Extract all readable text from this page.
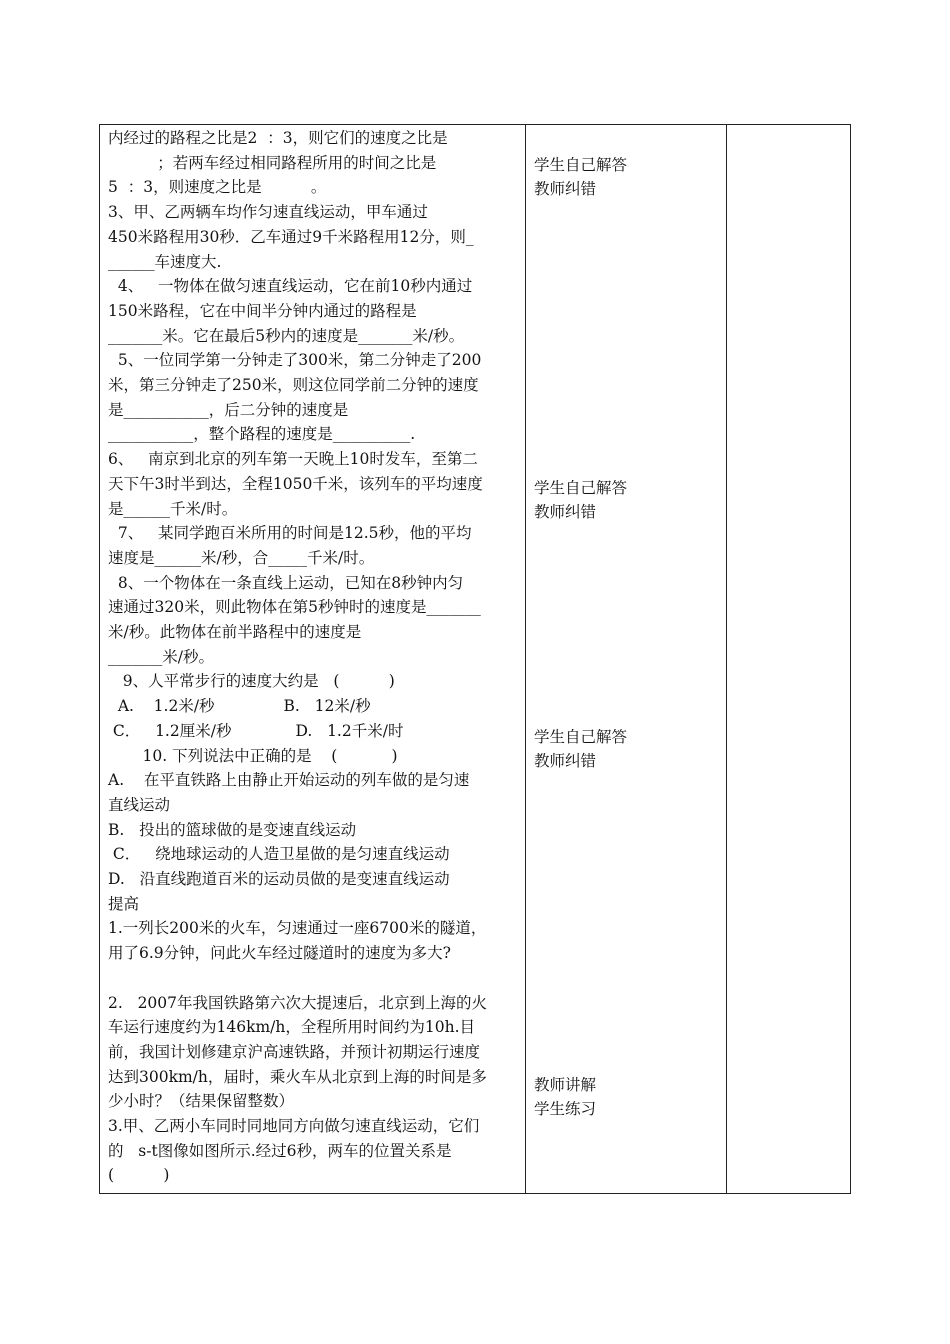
内经过的路程之比是2  ：3，则它们的速度之比是
；若两车经过相同路程所用的时间之比是
5  ：3，则速度之比是          。
3、甲、乙两辆车均作匀速直线运动，甲车通过
450米路程用30秒．乙车通过9千米路程用12分，则_
______车速度大.
4、   一物体在做匀速直线运动，它在前10秒内通过
150米路程，它在中间半分钟内通过的路程是
_______米。它在最后5秒内的速度是_______米/秒。
5、一位同学第一分钟走了300米，第二分钟走了200
米，第三分钟走了250米，则这位同学前二分钟的速度
是___________，后二分钟的速度是
___________，整个路程的速度是__________.
6、   南京到北京的列车第一天晚上10时发车，至第二
天下午3时半到达，全程1050千米，该列车的平均速度
是______千米/时。
7、   某同学跑百米所用的时间是12.5秒，他的平均
速度是______米/秒，合_____千米/时。
8、一个物体在一条直线上运动，已知在8秒钟内匀
速通过320米，则此物体在第5秒钟时的速度是_______
米/秒。此物体在前半路程中的速度是
_______米/秒。
9、人平常步行的速度大约是   (          )
A.    1.2米/秒              B.   12米/秒
C．   1.2厘米/秒             D.   1.2千米/时
10. 下列说法中正确的是    (           )
A.    在平直铁路上由静止开始运动的列车做的是匀速
直线运动
B.   投出的篮球做的是变速直线运动
C．   绕地球运动的人造卫星做的是匀速直线运动
D.   沿直线跑道百米的运动员做的是变速直线运动
提高
1.一列长200米的火车，匀速通过一座6700米的隧道，
用了6.9分钟，问此火车经过隧道时的速度为多大?
2.   2007年我国铁路第六次大提速后，北京到上海的火
车运行速度约为146km/h，全程所用时间约为10h.目
前，我国计划修建京沪高速铁路，并预计初期运行速度
达到300km/h，届时，乘火车从北京到上海的时间是多
少小时？（结果保留整数）
3.甲、乙两小车同时同地同方向做匀速直线运动，它们
的   s-t图像如图所示.经过6秒，两车的位置关系是
(          )
学生自己解答
教师纠错
学生自己解答
教师纠错
学生自己解答
教师纠错
教师讲解
学生练习
